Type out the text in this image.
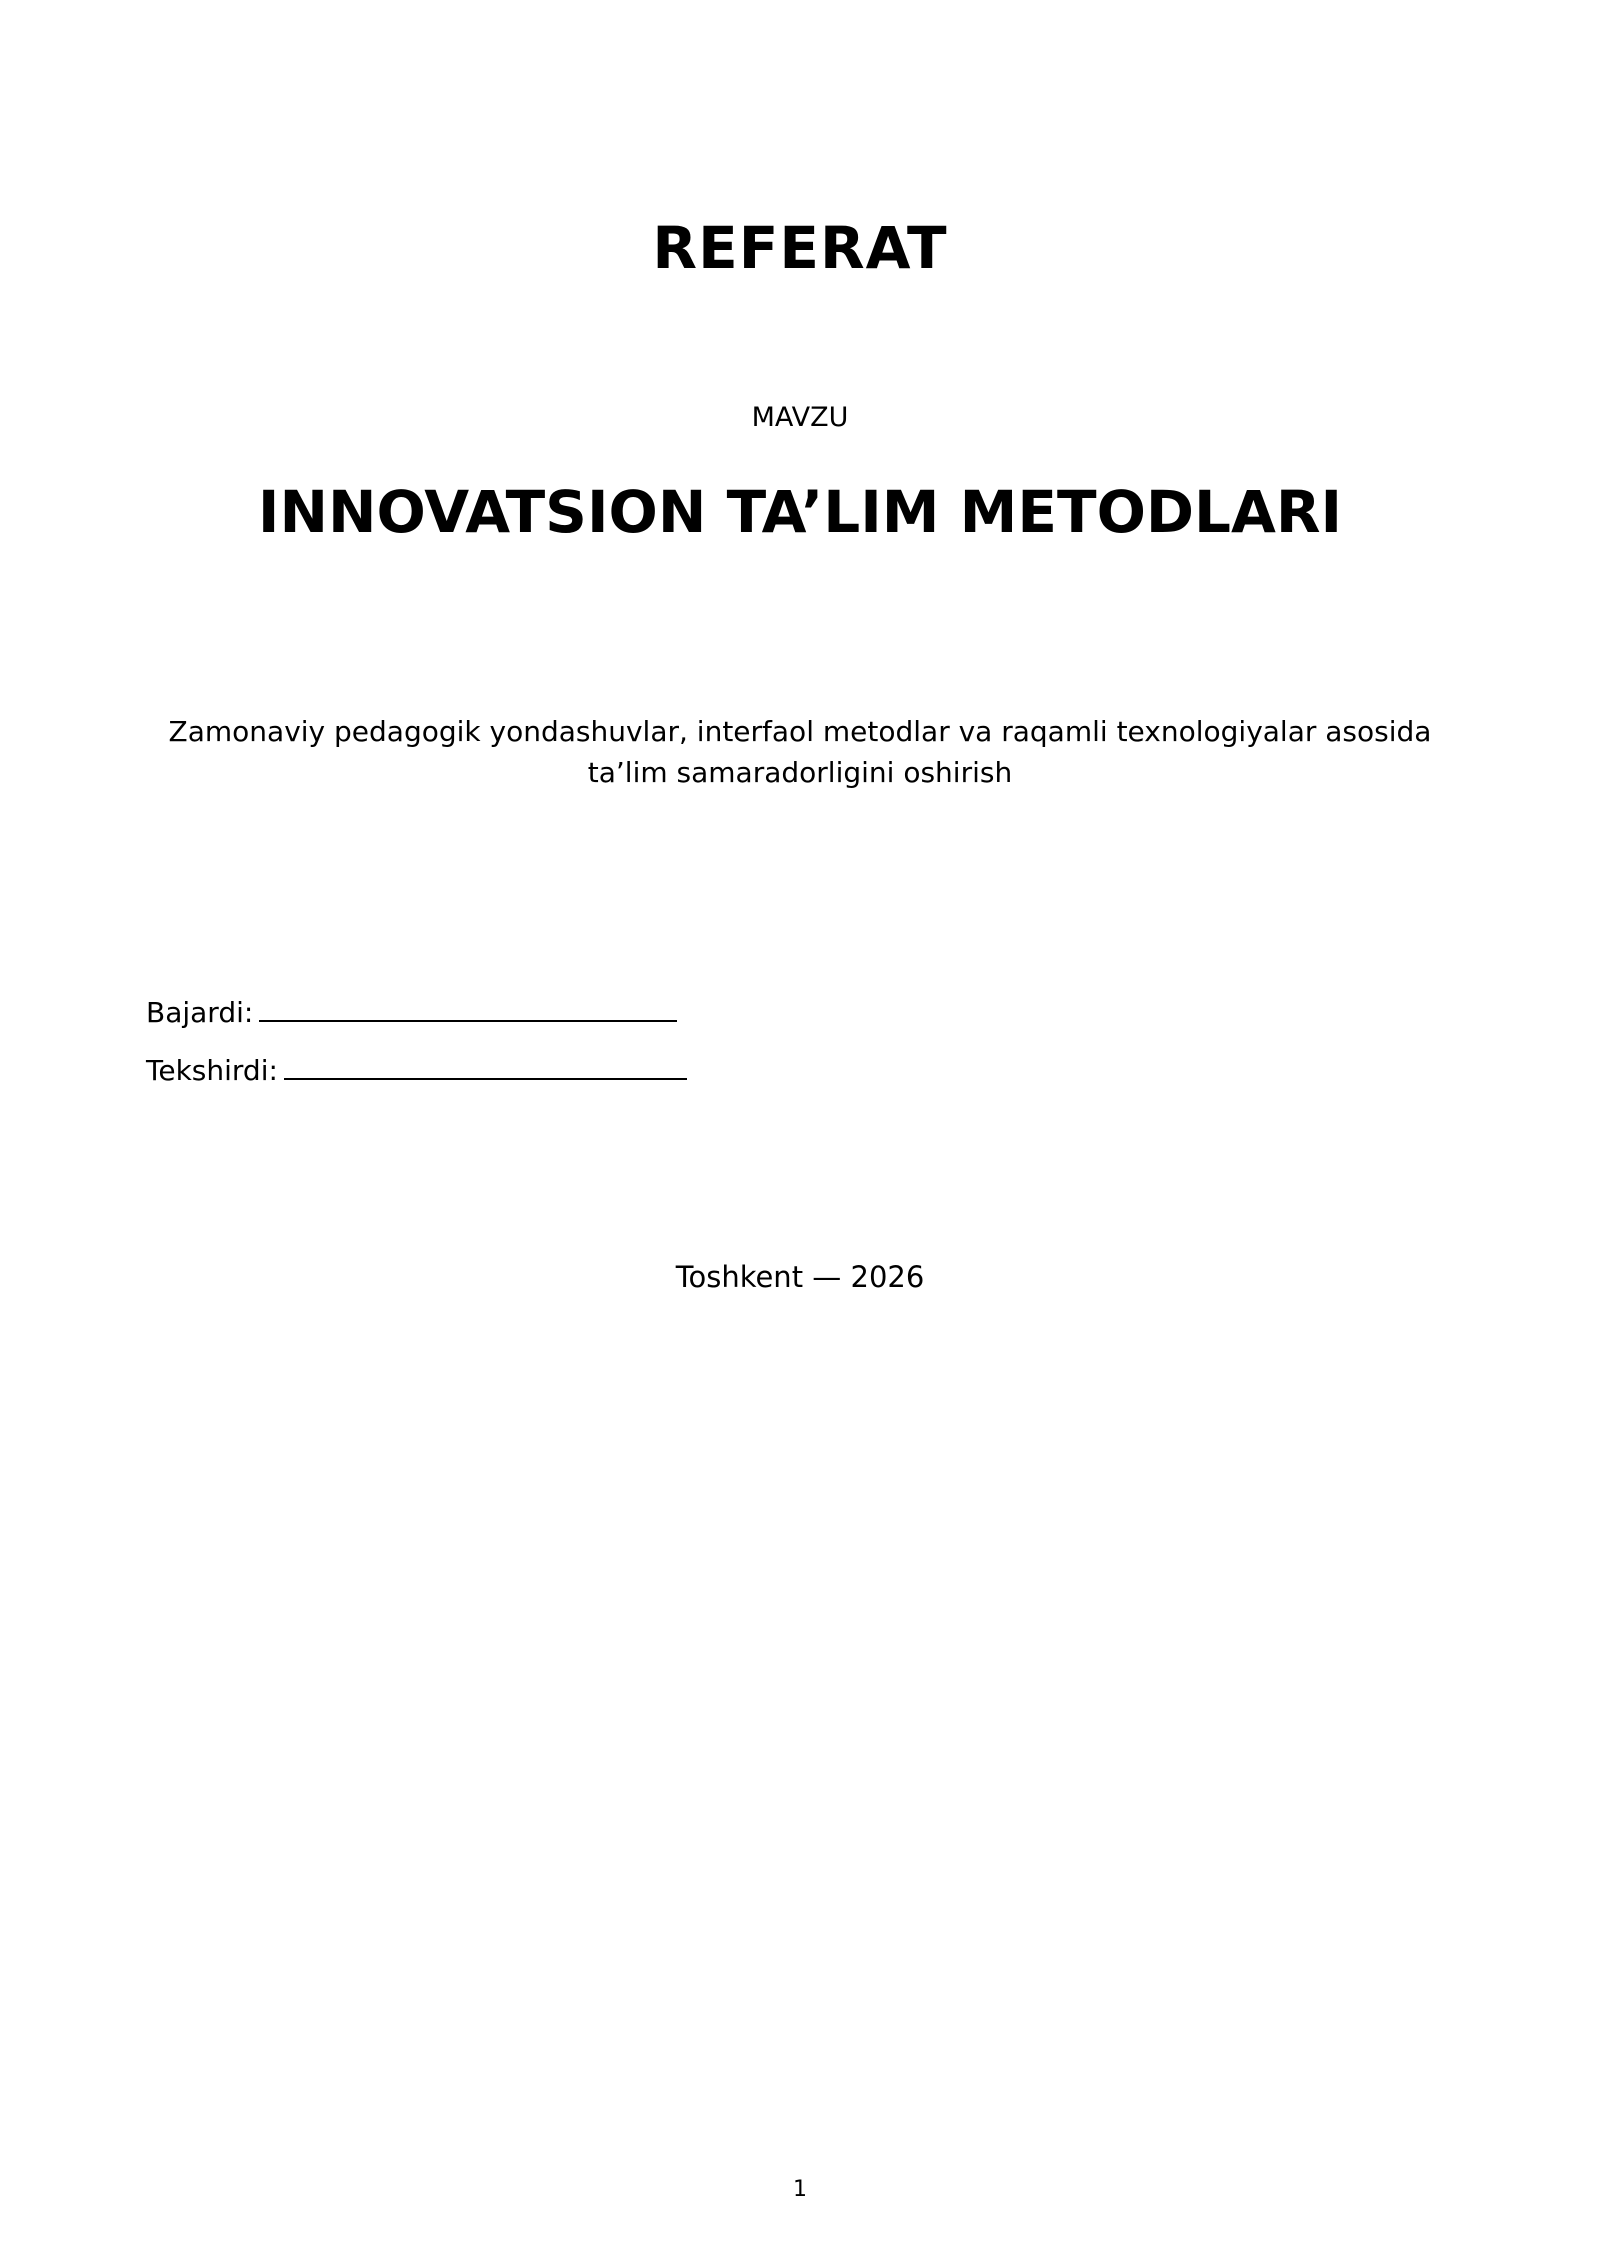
REFERAT
MAVZU
INNOVATSION TA’LIM METODLARI
Zamonaviy pedagogik yondashuvlar, interfaol metodlar va raqamli texnologiyalar asosida
ta’lim samaradorligini oshirish
Bajardi:
Tekshirdi:
Toshkent — 2026
1
